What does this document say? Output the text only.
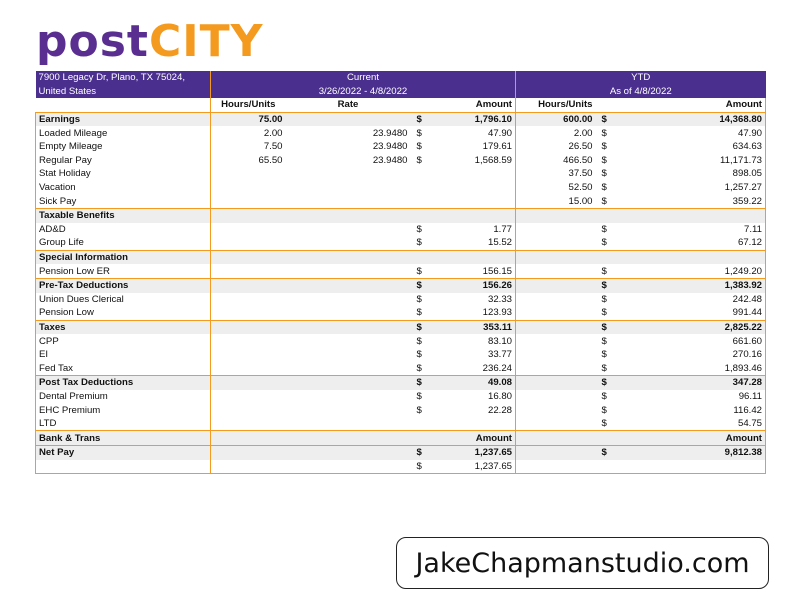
postCITY
7900 Legacy Dr, Plano, TX 75024,	Current				YTD		
United States	3/26/2022 - 4/8/2022				As of 4/8/2022		
	Hours/Units	Rate		Amount	Hours/Units		Amount
Earnings	75.00		$	1,796.10	600.00	$	14,368.80
Loaded Mileage	2.00	23.9480	$	47.90	2.00	$	47.90
Empty Mileage	7.50	23.9480	$	179.61	26.50	$	634.63
Regular Pay	65.50	23.9480	$	1,568.59	466.50	$	11,171.73
Stat Holiday					37.50	$	898.05
Vacation					52.50	$	1,257.27
Sick Pay					15.00	$	359.22
Taxable Benefits							
AD&D			$	1.77		$	7.11
Group Life			$	15.52		$	67.12
Special Information							
Pension Low ER			$	156.15		$	1,249.20
Pre-Tax Deductions			$	156.26		$	1,383.92
Union Dues Clerical			$	32.33		$	242.48
Pension Low			$	123.93		$	991.44
Taxes			$	353.11		$	2,825.22
CPP			$	83.10		$	661.60
EI			$	33.77		$	270.16
Fed Tax			$	236.24		$	1,893.46
Post Tax Deductions			$	49.08		$	347.28
Dental Premium			$	16.80		$	96.11
EHC Premium			$	22.28		$	116.42
LTD						$	54.75
Bank & Trans				Amount			Amount
Net Pay			$	1,237.65		$	9,812.38
			$	1,237.65			
JakeChapmanstudio.com
